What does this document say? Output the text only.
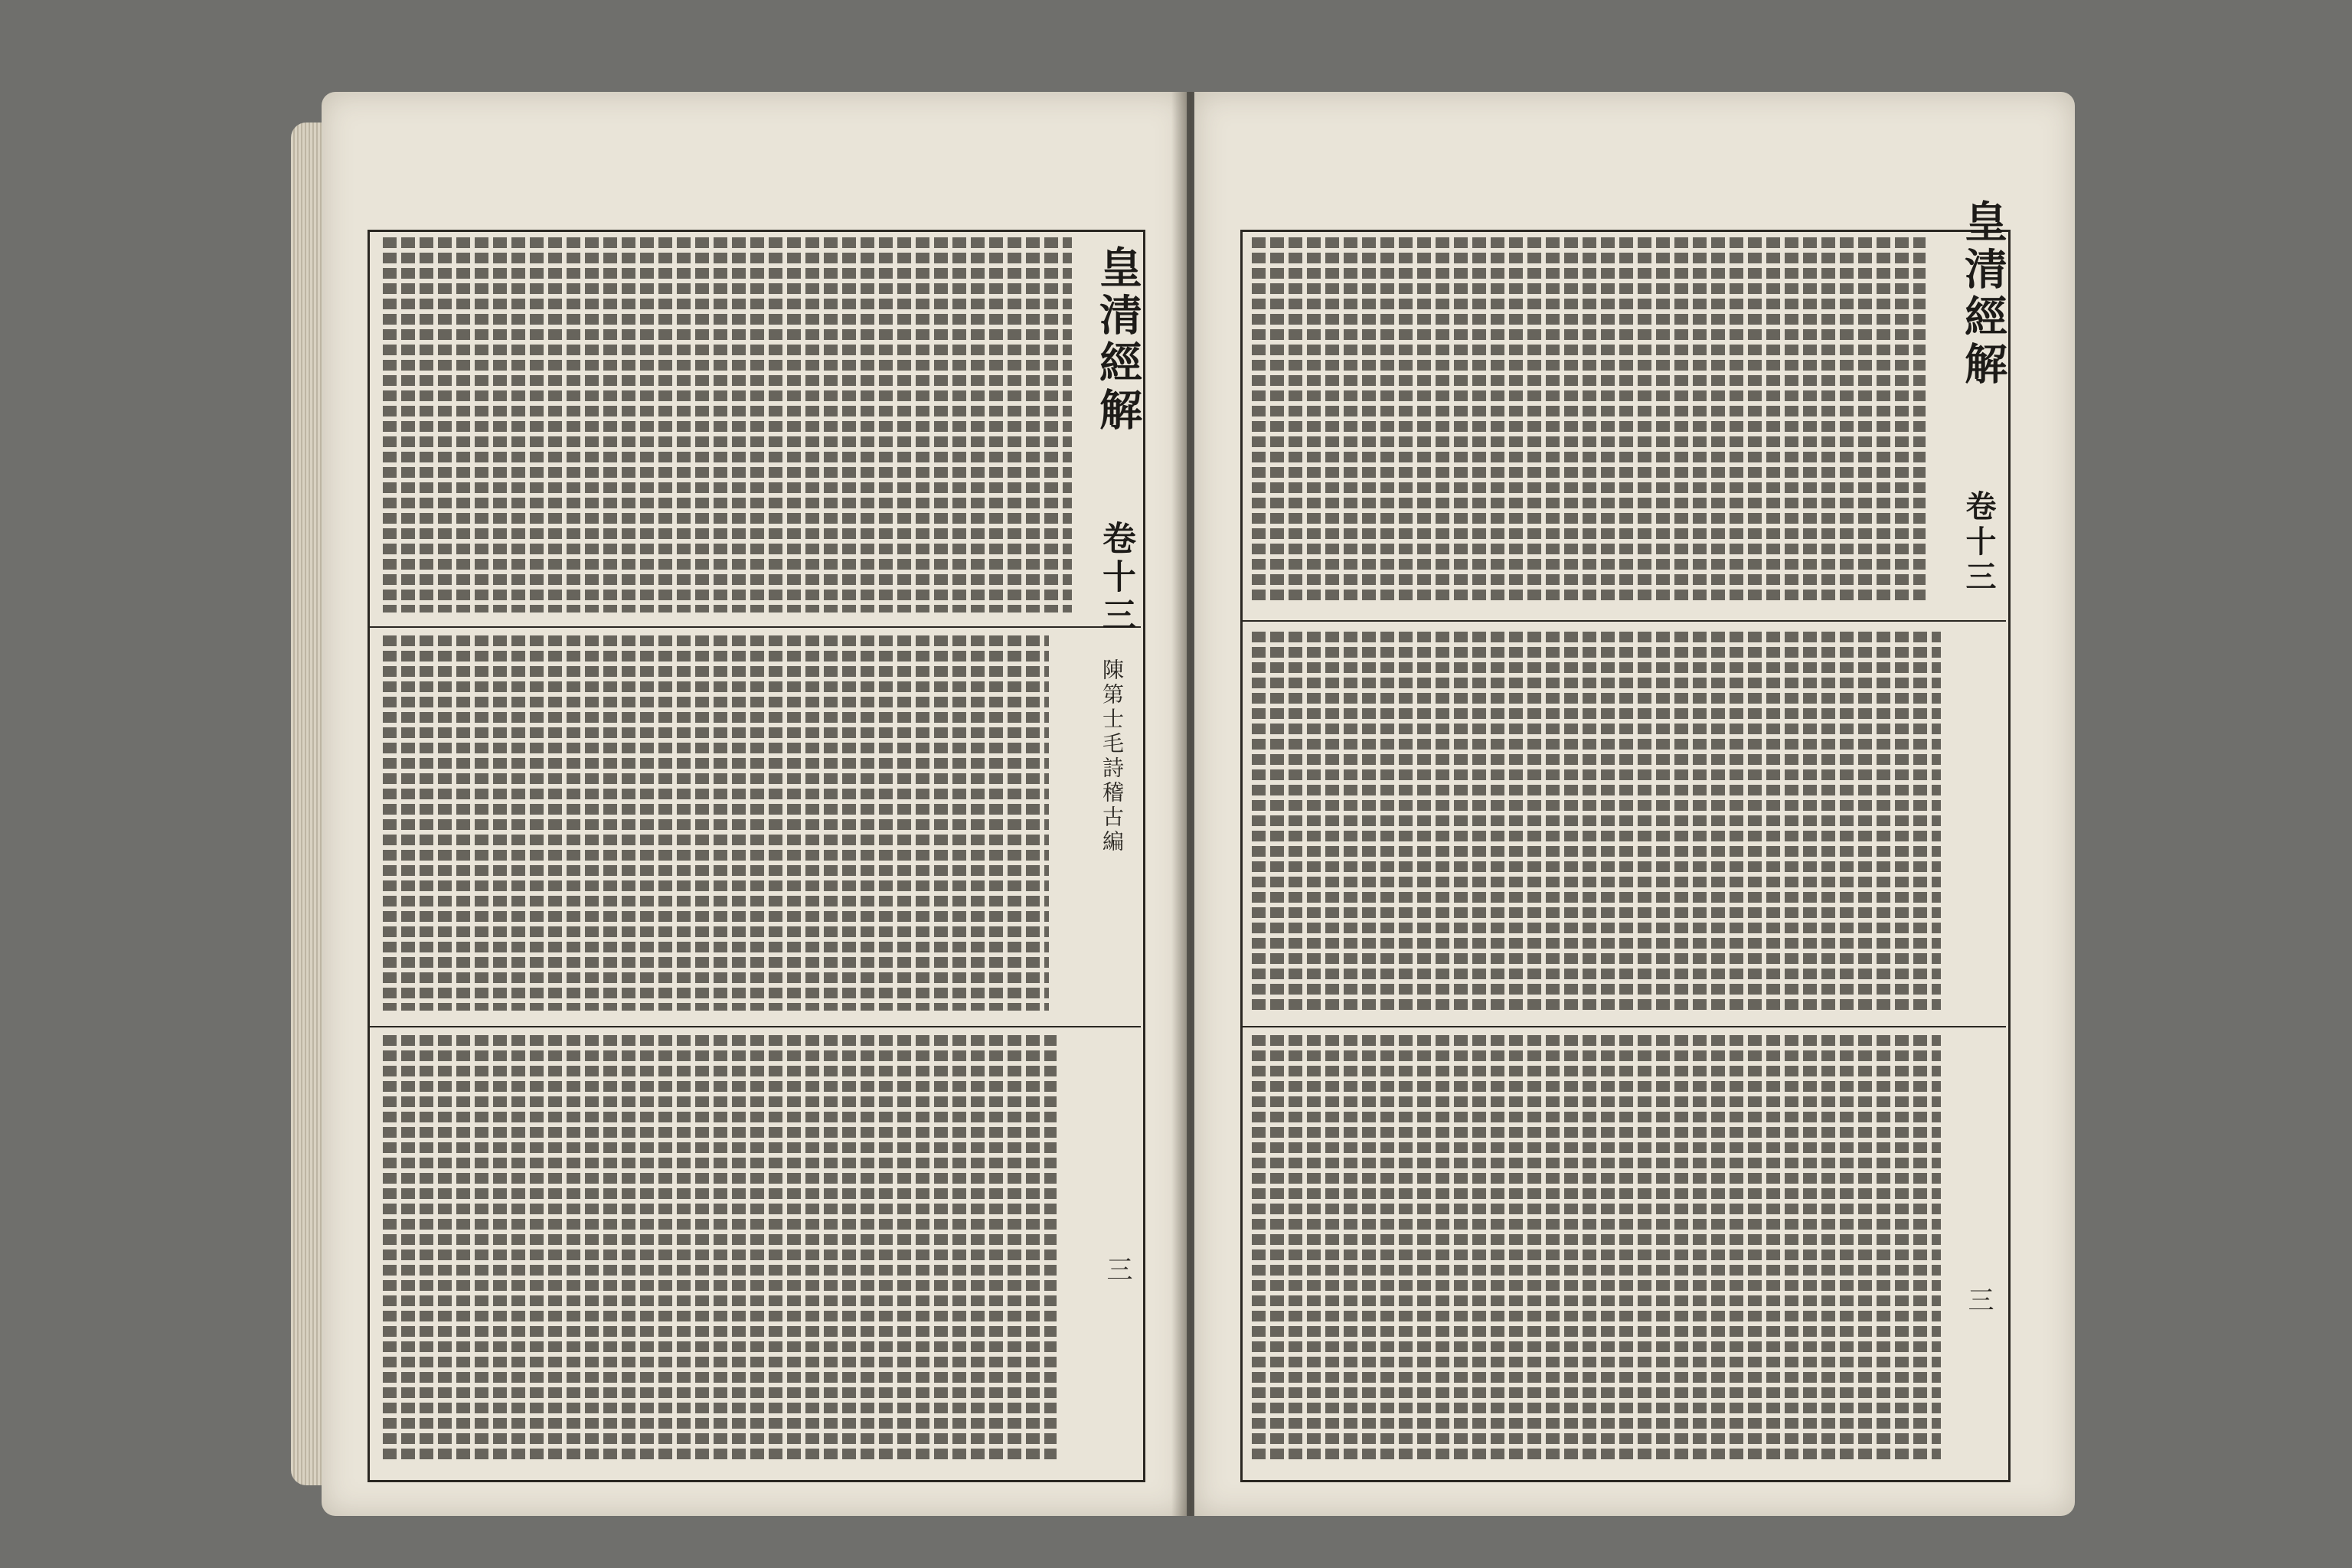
皇清經解
卷十三
陳第士毛詩稽古編
三
皇清經解
卷十三
三
